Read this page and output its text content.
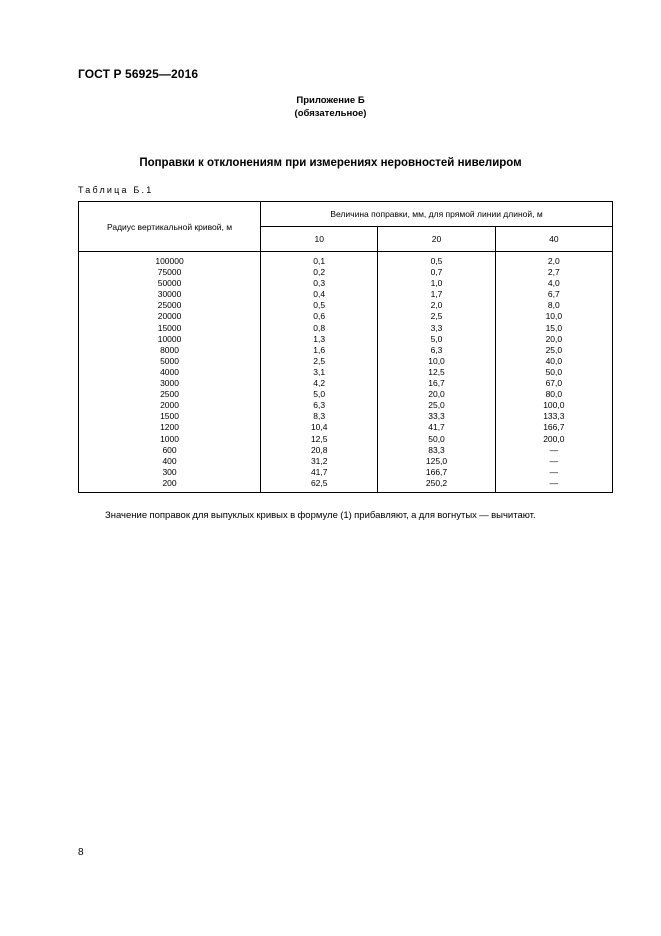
ГОСТ Р 56925—2016
Приложение Б
(обязательное)
Поправки к отклонениям при измерениях неровностей нивелиром
Таблица Б.1
Радиус вертикальной кривой, м	Величина поправки, мм, для прямой линии длиной, м		
	10	20	40
100000	0,1	0,5	2,0
75000	0,2	0,7	2,7
50000	0,3	1,0	4,0
30000	0,4	1,7	6,7
25000	0,5	2,0	8,0
20000	0,6	2,5	10,0
15000	0,8	3,3	15,0
10000	1,3	5,0	20,0
8000	1,6	6,3	25,0
5000	2,5	10,0	40,0
4000	3,1	12,5	50,0
3000	4,2	16,7	67,0
2500	5,0	20,0	80,0
2000	6,3	25,0	100,0
1500	8,3	33,3	133,3
1200	10,4	41,7	166,7
1000	12,5	50,0	200,0
600	20,8	83,3	—
400	31,2	125,0	—
300	41,7	166,7	—
200	62,5	250,2	—
Значение поправок для выпуклых кривых в формуле (1) прибавляют, а для вогнутых — вычитают.
8
